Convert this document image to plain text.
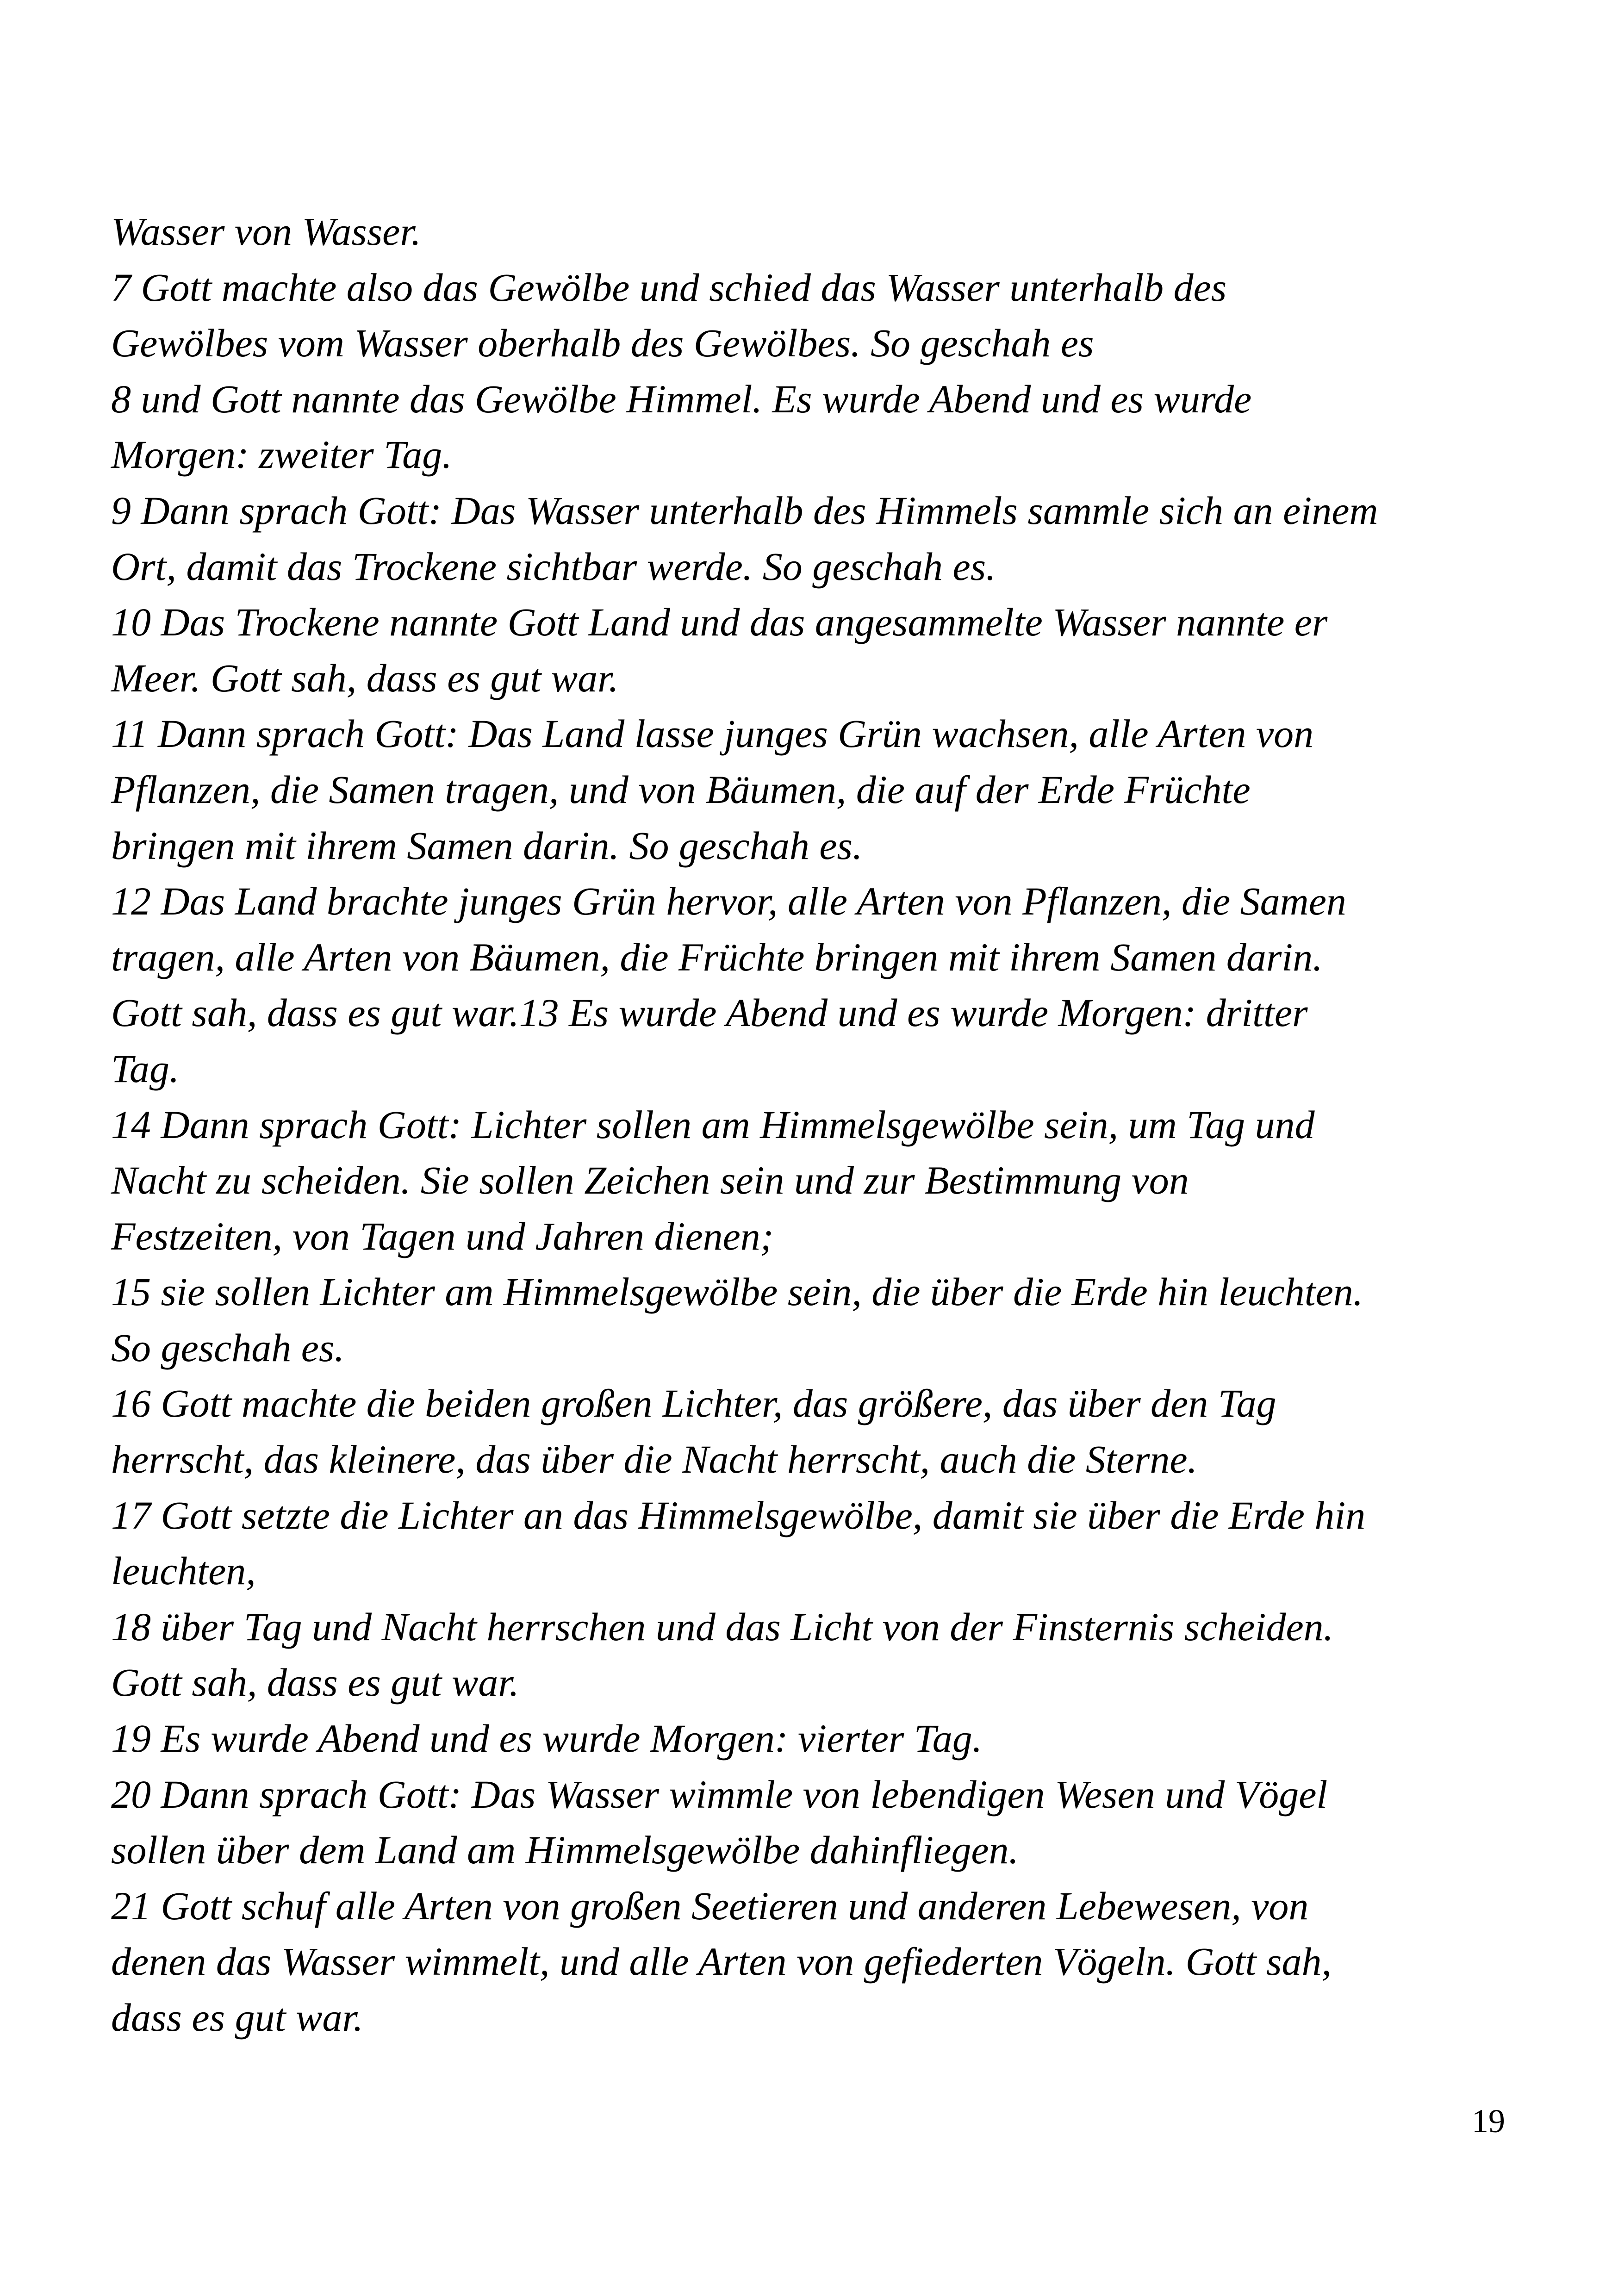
Wasser von Wasser.
7 Gott machte also das Gewölbe und schied das Wasser unterhalb des
Gewölbes vom Wasser oberhalb des Gewölbes. So geschah es
8 und Gott nannte das Gewölbe Himmel. Es wurde Abend und es wurde
Morgen: zweiter Tag.
9 Dann sprach Gott: Das Wasser unterhalb des Himmels sammle sich an einem
Ort, damit das Trockene sichtbar werde. So geschah es.
10 Das Trockene nannte Gott Land und das angesammelte Wasser nannte er
Meer. Gott sah, dass es gut war.
11 Dann sprach Gott: Das Land lasse junges Grün wachsen, alle Arten von
Pflanzen, die Samen tragen, und von Bäumen, die auf der Erde Früchte
bringen mit ihrem Samen darin. So geschah es.
12 Das Land brachte junges Grün hervor, alle Arten von Pflanzen, die Samen
tragen, alle Arten von Bäumen, die Früchte bringen mit ihrem Samen darin.
Gott sah, dass es gut war.13 Es wurde Abend und es wurde Morgen: dritter
Tag.
14 Dann sprach Gott: Lichter sollen am Himmelsgewölbe sein, um Tag und
Nacht zu scheiden. Sie sollen Zeichen sein und zur Bestimmung von
Festzeiten, von Tagen und Jahren dienen;
15 sie sollen Lichter am Himmelsgewölbe sein, die über die Erde hin leuchten.
So geschah es.
16 Gott machte die beiden großen Lichter, das größere, das über den Tag
herrscht, das kleinere, das über die Nacht herrscht, auch die Sterne.
17 Gott setzte die Lichter an das Himmelsgewölbe, damit sie über die Erde hin
leuchten,
18 über Tag und Nacht herrschen und das Licht von der Finsternis scheiden.
Gott sah, dass es gut war.
19 Es wurde Abend und es wurde Morgen: vierter Tag.
20 Dann sprach Gott: Das Wasser wimmle von lebendigen Wesen und Vögel
sollen über dem Land am Himmelsgewölbe dahinfliegen.
21 Gott schuf alle Arten von großen Seetieren und anderen Lebewesen, von
denen das Wasser wimmelt, und alle Arten von gefiederten Vögeln. Gott sah,
dass es gut war.
19
